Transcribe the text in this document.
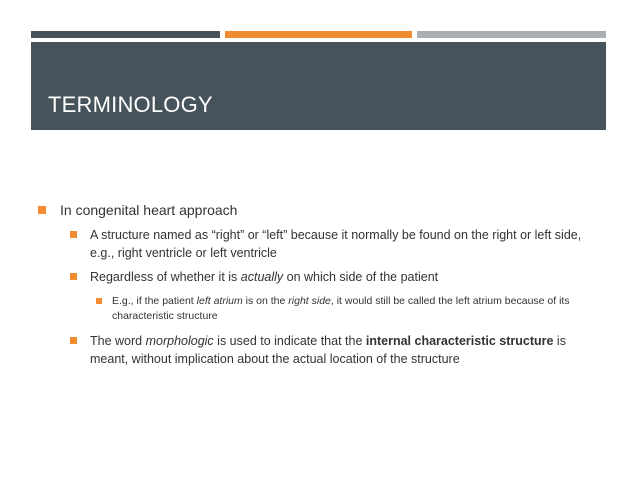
TERMINOLOGY
In congenital heart approach
A structure named as “right” or “left” because it normally be found on the right or left side, e.g., right ventricle or left ventricle
Regardless of whether it is actually on which side of the patient
E.g., if the patient left atrium is on the right side, it would still be called the left atrium because of its characteristic structure
The word morphologic is used to indicate that the internal characteristic structure is meant, without implication about the actual location of the structure
